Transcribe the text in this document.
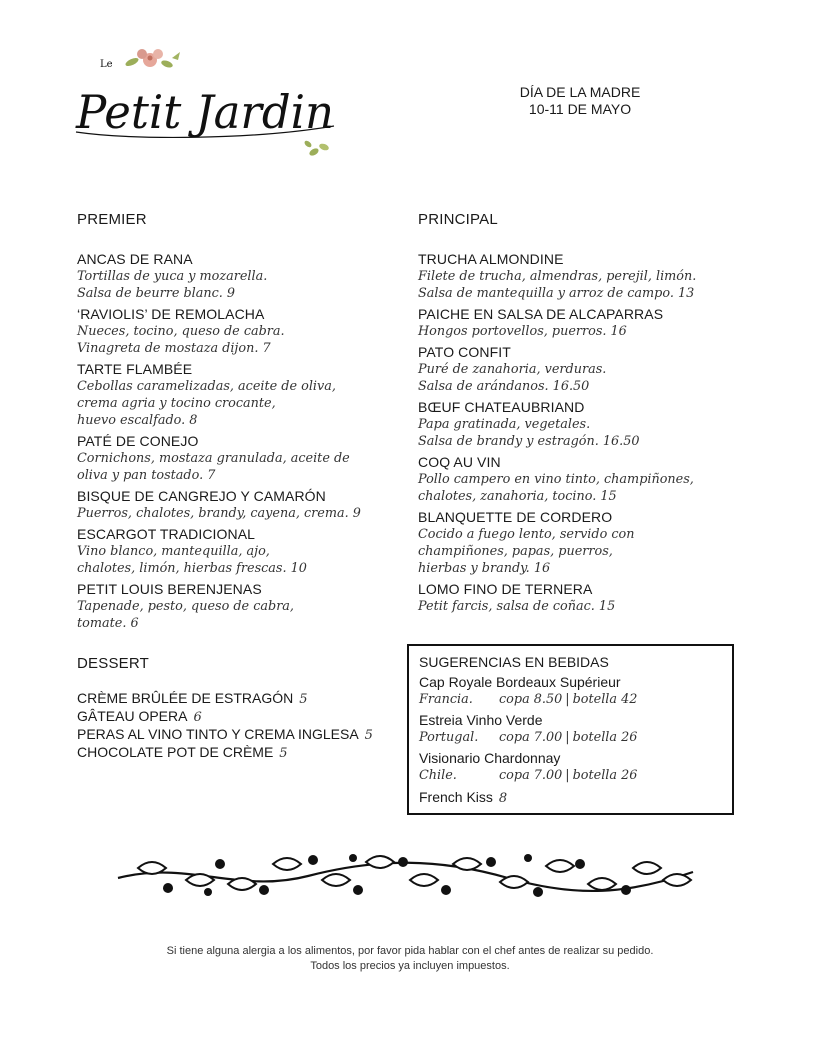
Le
Petit Jardin	DÍA DE LA MADRE
10-11 DE MAYO
PREMIER
ANCAS DE RANA
Tortillas de yuca y mozarella.
Salsa de beurre blanc. 9
‘RAVIOLIS’ DE REMOLACHA
Nueces, tocino, queso de cabra.
Vinagreta de mostaza dijon. 7
TARTE FLAMBÉE
Cebollas caramelizadas, aceite de oliva,
crema agria y tocino crocante,
huevo escalfado. 8
PATÉ DE CONEJO
Cornichons, mostaza granulada, aceite de
oliva y pan tostado. 7
BISQUE DE CANGREJO Y CAMARÓN
Puerros, chalotes, brandy, cayena, crema. 9
ESCARGOT TRADICIONAL
Vino blanco, mantequilla, ajo,
chalotes, limón, hierbas frescas. 10
PETIT LOUIS BERENJENAS
Tapenade, pesto, queso de cabra,
tomate. 6
PRINCIPAL
TRUCHA ALMONDINE
Filete de trucha, almendras, perejil, limón.
Salsa de mantequilla y arroz de campo. 13
PAICHE EN SALSA DE ALCAPARRAS
Hongos portovellos, puerros. 16
PATO CONFIT
Puré de zanahoria, verduras.
Salsa de arándanos. 16.50
BŒUF CHATEAUBRIAND
Papa gratinada, vegetales.
Salsa de brandy y estragón. 16.50
COQ AU VIN
Pollo campero en vino tinto, champiñones,
chalotes, zanahoria, tocino. 15
BLANQUETTE DE CORDERO
Cocido a fuego lento, servido con
champiñones, papas, puerros,
hierbas y brandy. 16
LOMO FINO DE TERNERA
Petit farcis, salsa de coñac. 15
DESSERT
CRÈME BRÛLÉE DE ESTRAGÓN 5
GÂTEAU OPERA 6
PERAS AL VINO TINTO Y CREMA INGLESA 5
CHOCOLATE POT DE CRÈME 5
SUGERENCIAS EN BEBIDAS
Cap Royale Bordeaux Supérieur
Francia.	copa 8.50 | botella 42
Estreia Vinho Verde
Portugal.	copa 7.00 | botella 26
Visionario Chardonnay
Chile.	copa 7.00 | botella 26
French Kiss 8
Si tiene alguna alergia a los alimentos, por favor pida hablar con el chef antes de realizar su pedido.
Todos los precios ya incluyen impuestos.
